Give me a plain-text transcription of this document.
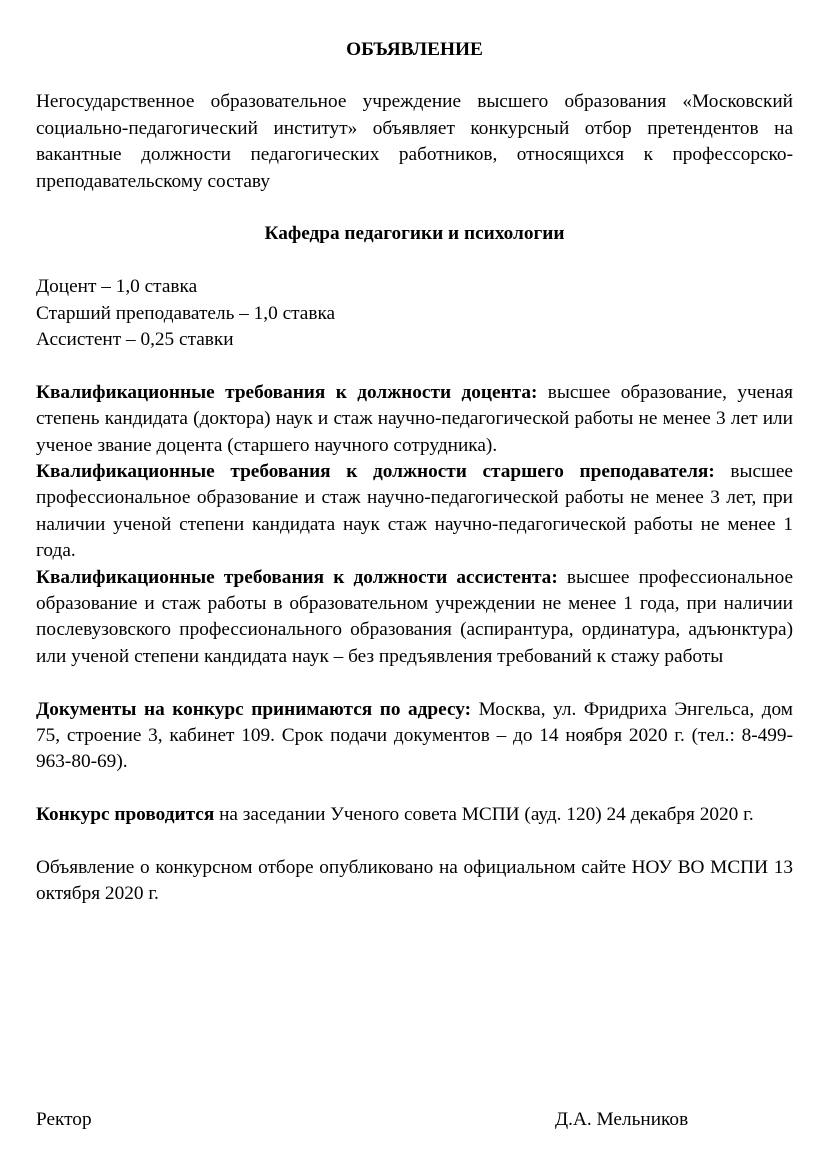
ОБЪЯВЛЕНИЕ

Негосударственное образовательное учреждение высшего образования «Московский социально-педагогический институт» объявляет конкурсный отбор претендентов на вакантные должности педагогических работников, относящихся к профессорско-преподавательскому составу

Кафедра педагогики и психологии

Доцент – 1,0 ставка
Старший преподаватель – 1,0 ставка
Ассистент – 0,25 ставки

Квалификационные требования к должности доцента: высшее образование, ученая степень кандидата (доктора) наук и стаж научно-педагогической работы не менее 3 лет или ученое звание доцента (старшего научного сотрудника).

Квалификационные требования к должности старшего преподавателя: высшее профессиональное образование и стаж научно-педагогической работы не менее 3 лет, при наличии ученой степени кандидата наук стаж научно-педагогической работы не менее 1 года.

Квалификационные требования к должности ассистента: высшее профессиональное образование и стаж работы в образовательном учреждении не менее 1 года, при наличии послевузовского профессионального образования (аспирантура, ординатура, адъюнктура) или ученой степени кандидата наук – без предъявления требований к стажу работы

Документы на конкурс принимаются по адресу: Москва, ул. Фридриха Энгельса, дом 75, строение 3, кабинет 109. Срок подачи документов – до 14 ноября 2020 г. (тел.: 8-499-963-80-69).

Конкурс проводится на заседании Ученого совета МСПИ (ауд. 120) 24 декабря 2020 г.

Объявление о конкурсном отборе опубликовано на официальном сайте НОУ ВО МСПИ 13 октября 2020 г.

Ректор	Д.А. Мельников
